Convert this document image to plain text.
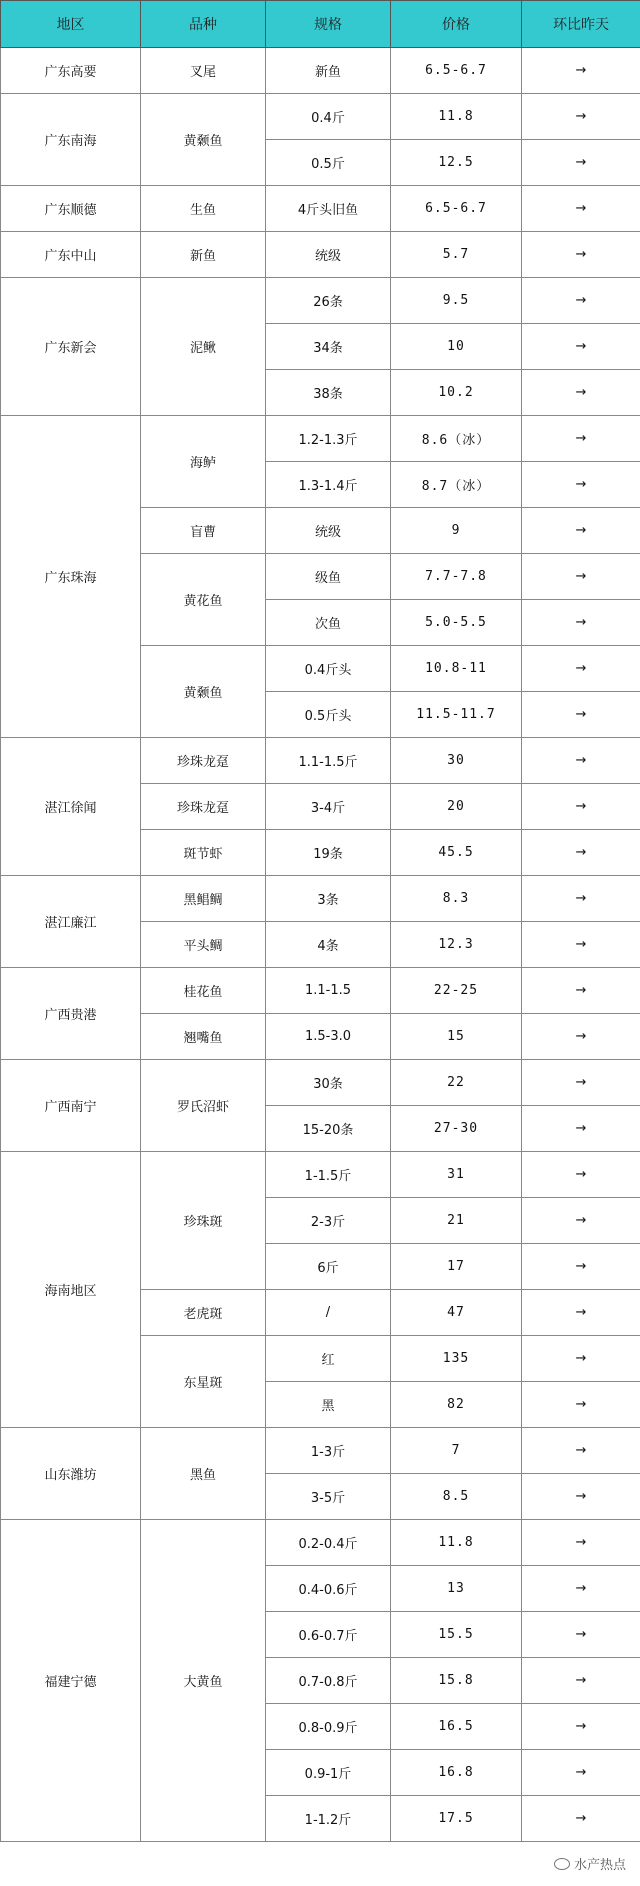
地区	品种	规格	价格	环比昨天
广东高要	叉尾	新鱼	6.5-6.7	→
广东南海	黄颡鱼	0.4斤	11.8	→
		0.5斤	12.5	→
广东顺德	生鱼	4斤头旧鱼	6.5-6.7	→
广东中山	新鱼	统级	5.7	→
广东新会	泥鳅	26条	9.5	→
		34条	10	→
		38条	10.2	→
广东珠海	海鲈	1.2-1.3斤	8.6（冰）	→
		1.3-1.4斤	8.7（冰）	→
	盲曹	统级	9	→
	黄花鱼	级鱼	7.7-7.8	→
		次鱼	5.0-5.5	→
	黄颡鱼	0.4斤头	10.8-11	→
		0.5斤头	11.5-11.7	→
湛江徐闻	珍珠龙趸	1.1-1.5斤	30	→
	珍珠龙趸	3-4斤	20	→
	斑节虾	19条	45.5	→
湛江廉江	黑鲳鲷	3条	8.3	→
	平头鲷	4条	12.3	→
广西贵港	桂花鱼	1.1-1.5	22-25	→
	翘嘴鱼	1.5-3.0	15	→
广西南宁	罗氏沼虾	30条	22	→
		15-20条	27-30	→
海南地区	珍珠斑	1-1.5斤	31	→
		2-3斤	21	→
		6斤	17	→
	老虎斑	/	47	→
	东星斑	红	135	→
		黑	82	→
山东潍坊	黑鱼	1-3斤	7	→
		3-5斤	8.5	→
福建宁德	大黄鱼	0.2-0.4斤	11.8	→
		0.4-0.6斤	13	→
		0.6-0.7斤	15.5	→
		0.7-0.8斤	15.8	→
		0.8-0.9斤	16.5	→
		0.9-1斤	16.8	→
		1-1.2斤	17.5	→
水产热点
